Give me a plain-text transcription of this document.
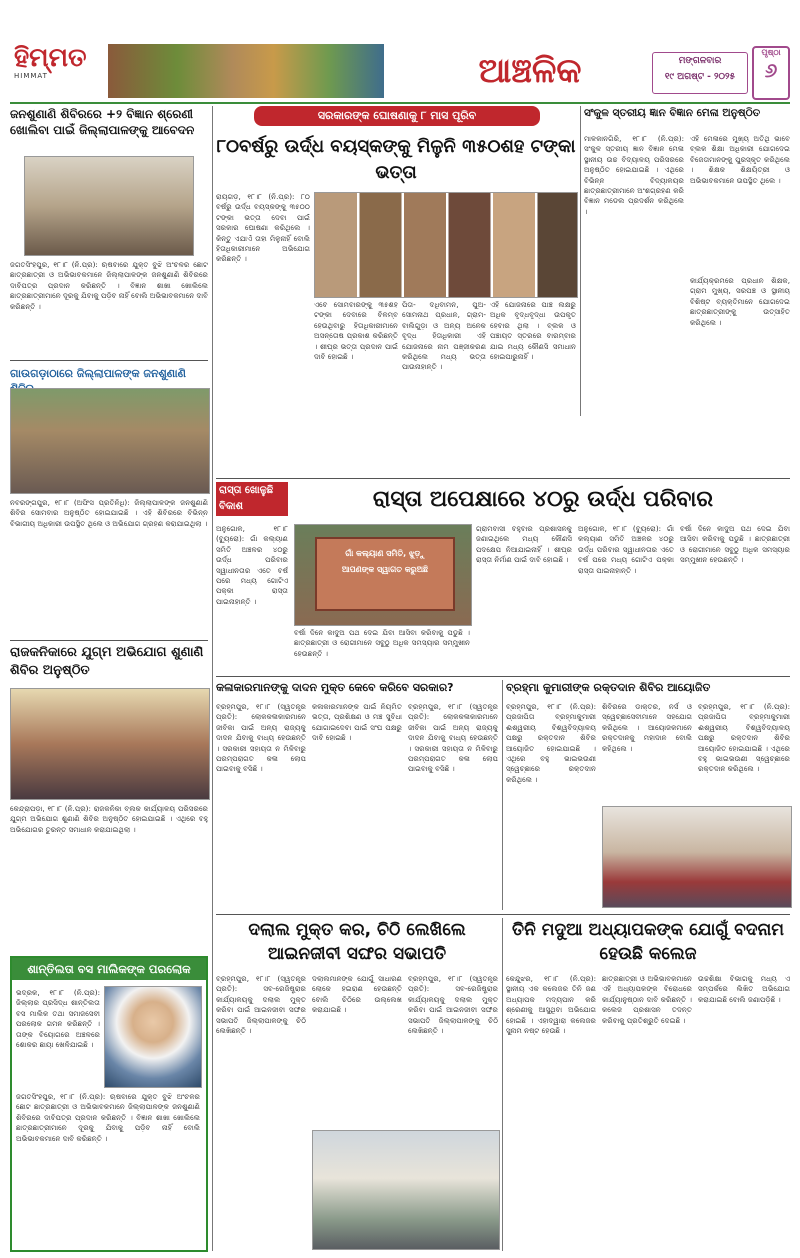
ହିମ୍ମତ
HIMMAT	ଆଞ୍ଚଳିକ	ମଙ୍ଗଳବାର
୧୯ ଅଗଷ୍ଟ - ୨୦୨୫
ପୃଷ୍ଠା
୬
ଜନଶୁଣାଣି ଶିବିରରେ +୨ ବିଜ୍ଞାନ ଶ୍ରେଣୀ ଖୋଲିବା ପାଇଁ ଜିଲ୍ଲାପାଳଙ୍କୁ ଆବେଦନ
ଜଗତସିଂହପୁର, ୧୮।୮ (ନି.ପ୍ର): ଋଷବାରେ ଯୁକ୍ତ ବୁଝି ଅଂଚଳର ଛୋଟ ଛାତ୍ରଛାତ୍ରୀ ଓ ଅଭିଭାବକମାନେ ଜିଲ୍ଲାପାଳଙ୍କ ଜନଶୁଣାଣି ଶିବିରରେ ଦାବିପତ୍ର ପ୍ରଦାନ କରିଛନ୍ତି । ବିଜ୍ଞାନ ଶାଖା ଖୋଲିଲେ ଛାତ୍ରଛାତ୍ରୀମାନେ ଦୂରକୁ ଯିବାକୁ ପଡ଼ିବ ନାହିଁ ବୋଲି ଅଭିଭାବକମାନେ ଦାବି କରିଛନ୍ତି ।
ଗାଉଗଡ଼ାଠାରେ ଜିଲ୍ଲାପାଳଙ୍କ ଜନଶୁଣାଣି
ନବରଙ୍ଗପୁର, ୧୮।୮ (ଅଫିସ ପ୍ରତିନିଧି): ଜିଲ୍ଲାପାଳଙ୍କ ଜନଶୁଣାଣି ଶିବିର ସୋମବାର ଅନୁଷ୍ଠିତ ହୋଇଯାଇଛି । ଏହି ଶିବିରରେ ବିଭିନ୍ନ ବିଭାଗୀୟ ଅଧିକାରୀ ଉପସ୍ଥିତ ଥିଲେ ଓ ଅଭିଯୋଗ ଗ୍ରହଣ କରାଯାଇଥିଲା ।
ରାଜକନିକାରେ ଯୁଗ୍ମ ଅଭିଯୋଗ ଶୁଣାଣି ଶିବିର ଅନୁଷ୍ଠିତ
କେନ୍ଦ୍ରାପଡ଼ା, ୧୮।୮ (ନି.ପ୍ର): ରାଜକନିକା ବ୍ଲକ କାର୍ଯ୍ୟାଳୟ ପରିସରରେ ଯୁଗ୍ମ ଅଭିଯୋଗ ଶୁଣାଣି ଶିବିର ଅନୁଷ୍ଠିତ ହୋଇଯାଇଛି । ଏଥିରେ ବହୁ ଅଭିଯୋଗର ତୁରନ୍ତ ସମାଧାନ କରାଯାଇଥିଲା ।
ଶାନ୍ତିଲତା ବସ ମାଲିକଙ୍କ ପରଲୋକ
ଭଦ୍ରକ, ୧୮।୮ (ନି.ପ୍ର): ଜିଲ୍ଲାର ପ୍ରସିଦ୍ଧ ଶାନ୍ତିଲତା ବସ ମାଲିକ ତଥା ସମାଜସେବୀ ପରଲୋକ ଗମନ କରିଛନ୍ତି । ତାଙ୍କ ବିୟୋଗରେ ଅଞ୍ଚଳରେ ଶୋକର ଛାୟା ଖେଳିଯାଇଛି ।
ଜଗତସିଂହପୁର, ୧୮।୮ (ନି.ପ୍ର): ଋଷବାରେ ଯୁକ୍ତ ବୁଝି ଅଂଚଳର ଛୋଟ ଛାତ୍ରଛାତ୍ରୀ ଓ ଅଭିଭାବକମାନେ ଜିଲ୍ଲାପାଳଙ୍କ ଜନଶୁଣାଣି ଶିବିରରେ ଦାବିପତ୍ର ପ୍ରଦାନ କରିଛନ୍ତି । ବିଜ୍ଞାନ ଶାଖା ଖୋଲିଲେ ଛାତ୍ରଛାତ୍ରୀମାନେ ଦୂରକୁ ଯିବାକୁ ପଡ଼ିବ ନାହିଁ ବୋଲି ଅଭିଭାବକମାନେ ଦାବି କରିଛନ୍ତି ।
ସରକାରଙ୍କ ଘୋଷଣାକୁ ୮ ମାସ ପୂରିବ
୮୦ବର୍ଷରୁ ଉର୍ଦ୍ଧ ବୟସ୍କଙ୍କୁ ମିଳୁନି ୩୫୦ଶହ ଟଙ୍କା ଭତ୍ତା
ରାୟଗଡ଼, ୧୮।୮ (ନି.ପ୍ର): ୮୦ ବର୍ଷରୁ ଉର୍ଦ୍ଧ ବୟସ୍କଙ୍କୁ ୩୫୦୦ ଟଙ୍କା ଭତ୍ତା ଦେବା ପାଇଁ ସରକାର ଘୋଷଣା କରିଥିଲେ । କିନ୍ତୁ ଏଯାଏଁ ତାହା ମିଳୁନାହିଁ ବୋଲି ହିତାଧିକାରୀମାନେ ଅଭିଯୋଗ କରିଛନ୍ତି ।
ଏବେ ସୋମବାରଙ୍କୁ ୩୫ଶହ ଟଙ୍କା ଦେବାରେ ବିଳମ୍ବ ହେଉଥିବାରୁ ହିତାଧିକାରୀମାନେ ଅସନ୍ତୋଷ ପ୍ରକାଶ କରିଛନ୍ତି । ଶୀଘ୍ର ଭତ୍ତା ପ୍ରଦାନ ପାଇଁ ଦାବି ହୋଇଛି ।
ପିତା- ଦଧିବାମନ, ପୁଅ- ସୋମନାଥ ପ୍ରଧାନ, ଗ୍ରାମ- ବାଲିଗୁଡ଼ା ଓ ଅନ୍ୟ ଅନେକ ବୃଦ୍ଧ ହିତାଧିକାରୀ ଏହି ଯୋଜନାରେ ନାମ ପଞ୍ଜୀକରଣ କରିଥିଲେ ମଧ୍ୟ ଭତ୍ତା ପାଉନାହାନ୍ତି ।
ଏହି ଯୋଜନାରେ ପାଞ୍ଚ ଲକ୍ଷରୁ ଅଧିକ ବୃଦ୍ଧବୃଦ୍ଧା ଉପକୃତ ହେବାର ଥିଲା । ବ୍ଲକ ଓ ପଞ୍ଚାୟତ ସ୍ତରରେ ବାରମ୍ବାର ଯାଇ ମଧ୍ୟ କୌଣସି ସମାଧାନ ହୋଇପାରୁନାହିଁ ।
ସଂକୁଳ ସ୍ତରୀୟ ଜ୍ଞାନ ବିଜ୍ଞାନ ମେଳା ଅନୁଷ୍ଠିତ
ମାଳକାନଗିରି, ୧୮।୮ (ନି.ପ୍ର): ସଂକୁଳ ସ୍ତରୀୟ ଜ୍ଞାନ ବିଜ୍ଞାନ ମେଳା ସ୍ଥାନୀୟ ଉଚ୍ଚ ବିଦ୍ୟାଳୟ ପରିସରରେ ଅନୁଷ୍ଠିତ ହୋଇଯାଇଛି । ଏଥିରେ ବିଭିନ୍ନ ବିଦ୍ୟାଳୟର ଛାତ୍ରଛାତ୍ରୀମାନେ ଅଂଶଗ୍ରହଣ କରି ବିଜ୍ଞାନ ମଡେଲ ପ୍ରଦର୍ଶନ କରିଥିଲେ ।
ଏହି ମେଳାରେ ମୁଖ୍ୟ ଅତିଥି ଭାବେ ବ୍ଲକ ଶିକ୍ଷା ଅଧିକାରୀ ଯୋଗଦେଇ ବିଜେତାମାନଙ୍କୁ ପୁରସ୍କୃତ କରିଥିଲେ । ଶିକ୍ଷକ ଶିକ୍ଷୟିତ୍ରୀ ଓ ଅଭିଭାବକମାନେ ଉପସ୍ଥିତ ଥିଲେ ।
କାର୍ଯ୍ୟକ୍ରମରେ ପ୍ରଧାନ ଶିକ୍ଷକ, ଗ୍ରାମ ମୁଖ୍ୟ, ସରପଞ୍ଚ ଓ ସ୍ଥାନୀୟ ବିଶିଷ୍ଟ ବ୍ୟକ୍ତିମାନେ ଯୋଗଦେଇ ଛାତ୍ରଛାତ୍ରୀଙ୍କୁ ଉତ୍ସାହିତ କରିଥିଲେ ।
ରାସ୍ତା ଖୋଳୁଛି ବିକାଶ	ରାସ୍ତା ଅପେକ୍ଷାରେ ୪୦ରୁ ଉର୍ଦ୍ଧ ପରିବାର
ଅନୁଗୋଳ, ୧୮।୮ (ବ୍ୟୁରୋ): ଗାଁ କଲ୍ୟାଣ ସମିତି ଅଞ୍ଚଳର ୪୦ରୁ ଉର୍ଦ୍ଧ ପରିବାର ସ୍ୱାଧୀନତାର ଏତେ ବର୍ଷ ପରେ ମଧ୍ୟ ଗୋଟିଏ ପକ୍କା ରାସ୍ତା ପାଇନାହାନ୍ତି ।
ଗାଁ କଲ୍ୟାଣ ସମିତି, ଝୁଡ଼ୁ
ଆପଣଙ୍କ ସ୍ୱାଗତ କରୁଅଛି
ବର୍ଷା ଦିନେ କାଦୁଅ ପଥ ଦେଇ ଯିବା ଆସିବା କରିବାକୁ ପଡୁଛି । ଛାତ୍ରଛାତ୍ରୀ ଓ ରୋଗୀମାନେ ସବୁଠୁ ଅଧିକ ସମସ୍ୟାର ସମ୍ମୁଖୀନ ହେଉଛନ୍ତି ।
ଗ୍ରାମବାସୀ ବହୁବାର ପ୍ରଶାସନକୁ ଜଣାଇଥିଲେ ମଧ୍ୟ କୌଣସି ପଦକ୍ଷେପ ନିଆଯାଇନାହିଁ । ଶୀଘ୍ର ରାସ୍ତା ନିର୍ମାଣ ପାଇଁ ଦାବି ହୋଇଛି ।
ଅନୁଗୋଳ, ୧୮।୮ (ବ୍ୟୁରୋ): ଗାଁ କଲ୍ୟାଣ ସମିତି ଅଞ୍ଚଳର ୪୦ରୁ ଉର୍ଦ୍ଧ ପରିବାର ସ୍ୱାଧୀନତାର ଏତେ ବର୍ଷ ପରେ ମଧ୍ୟ ଗୋଟିଏ ପକ୍କା ରାସ୍ତା ପାଇନାହାନ୍ତି ।
ବର୍ଷା ଦିନେ କାଦୁଅ ପଥ ଦେଇ ଯିବା ଆସିବା କରିବାକୁ ପଡୁଛି । ଛାତ୍ରଛାତ୍ରୀ ଓ ରୋଗୀମାନେ ସବୁଠୁ ଅଧିକ ସମସ୍ୟାର ସମ୍ମୁଖୀନ ହେଉଛନ୍ତି ।
କଳାକାରମାନଙ୍କୁ ଦାଦନ ମୁକ୍ତ କେବେ କରିବେ ସରକାର?
ବ୍ରହ୍ମପୁର, ୧୮।୮ (ସ୍ୱତନ୍ତ୍ର ପ୍ରତି): ଲୋକକଳାକାରମାନେ ଜୀବିକା ପାଇଁ ଅନ୍ୟ ରାଜ୍ୟକୁ ଦାଦନ ଯିବାକୁ ବାଧ୍ୟ ହେଉଛନ୍ତି । ସରକାରୀ ସହାୟତା ନ ମିଳିବାରୁ ପରମ୍ପରାଗତ କଳା ଲୋପ ପାଇବାକୁ ବସିଛି ।
କଳାକାରମାନଙ୍କ ପାଇଁ ନିୟମିତ ଭତ୍ତା, ପ୍ରଶିକ୍ଷଣ ଓ ମଞ୍ଚ ସୁବିଧା ଯୋଗାଇଦେବା ପାଇଁ ସଂଘ ପକ୍ଷରୁ ଦାବି ହୋଇଛି ।
ବ୍ରହ୍ମପୁର, ୧୮।୮ (ସ୍ୱତନ୍ତ୍ର ପ୍ରତି): ଲୋକକଳାକାରମାନେ ଜୀବିକା ପାଇଁ ଅନ୍ୟ ରାଜ୍ୟକୁ ଦାଦନ ଯିବାକୁ ବାଧ୍ୟ ହେଉଛନ୍ତି । ସରକାରୀ ସହାୟତା ନ ମିଳିବାରୁ ପରମ୍ପରାଗତ କଳା ଲୋପ ପାଇବାକୁ ବସିଛି ।
ବ୍ରହ୍ମା କୁମାରୀଙ୍କ ରକ୍ତଦାନ ଶିବିର ଆୟୋଜିତ
ବ୍ରହ୍ମପୁର, ୧୮।୮ (ନି.ପ୍ର): ପ୍ରଜାପିତା ବ୍ରହ୍ମାକୁମାରୀ ଈଶ୍ୱରୀୟ ବିଶ୍ୱବିଦ୍ୟାଳୟ ପକ୍ଷରୁ ରକ୍ତଦାନ ଶିବିର ଆୟୋଜିତ ହୋଇଯାଇଛି । ଏଥିରେ ବହୁ ଭାଇଭଉଣୀ ସ୍ୱେଚ୍ଛାରେ ରକ୍ତଦାନ କରିଥିଲେ ।
ଶିବିରରେ ଡାକ୍ତର, ନର୍ସ ଓ ସ୍ୱେଚ୍ଛାସେବୀମାନେ ସହଯୋଗ କରିଥିଲେ । ଆୟୋଜକମାନେ ରକ୍ତଦାନକୁ ମହାଦାନ ବୋଲି କହିଥିଲେ ।
ବ୍ରହ୍ମପୁର, ୧୮।୮ (ନି.ପ୍ର): ପ୍ରଜାପିତା ବ୍ରହ୍ମାକୁମାରୀ ଈଶ୍ୱରୀୟ ବିଶ୍ୱବିଦ୍ୟାଳୟ ପକ୍ଷରୁ ରକ୍ତଦାନ ଶିବିର ଆୟୋଜିତ ହୋଇଯାଇଛି । ଏଥିରେ ବହୁ ଭାଇଭଉଣୀ ସ୍ୱେଚ୍ଛାରେ ରକ୍ତଦାନ କରିଥିଲେ ।
ଦଲାଲ ମୁକ୍ତ କର, ଚିଠି ଲେଖିଲେ ଆଇନଜୀବୀ ସଙ୍ଘର ସଭାପତି
ବ୍ରହ୍ମପୁର, ୧୮।୮ (ସ୍ୱତନ୍ତ୍ର ପ୍ରତି): ସବ-ରେଜିଷ୍ଟ୍ରାର କାର୍ଯ୍ୟାଳୟକୁ ଦଲାଲ ମୁକ୍ତ କରିବା ପାଇଁ ଆଇନଜୀବୀ ସଙ୍ଘର ସଭାପତି ଜିଲ୍ଲାପାଳଙ୍କୁ ଚିଠି ଲେଖିଛନ୍ତି ।
ଦଲାଲମାନଙ୍କ ଯୋଗୁଁ ସାଧାରଣ ଲୋକେ ହଇରାଣ ହେଉଛନ୍ତି ବୋଲି ଚିଠିରେ ଉଲ୍ଲେଖ କରାଯାଇଛି ।
ବ୍ରହ୍ମପୁର, ୧୮।୮ (ସ୍ୱତନ୍ତ୍ର ପ୍ରତି): ସବ-ରେଜିଷ୍ଟ୍ରାର କାର୍ଯ୍ୟାଳୟକୁ ଦଲାଲ ମୁକ୍ତ କରିବା ପାଇଁ ଆଇନଜୀବୀ ସଙ୍ଘର ସଭାପତି ଜିଲ୍ଲାପାଳଙ୍କୁ ଚିଠି ଲେଖିଛନ୍ତି ।
ତିନି ମଦୁଆ ଅଧ୍ୟାପକଙ୍କ ଯୋଗୁଁ ବଦନାମ ହେଉଛି କଲେଜ
କେନ୍ଦୁଝର, ୧୮।୮ (ନି.ପ୍ର): ସ୍ଥାନୀୟ ଏକ କଲେଜର ତିନି ଜଣ ଅଧ୍ୟାପକ ମଦ୍ୟପାନ କରି ଶ୍ରେଣୀକୁ ଆସୁଥିବା ଅଭିଯୋଗ ହୋଇଛି । ଏହାଦ୍ୱାରା କଲେଜର ସୁନାମ ନଷ୍ଟ ହେଉଛି ।
ଛାତ୍ରଛାତ୍ରୀ ଓ ଅଭିଭାବକମାନେ ଏହି ଅଧ୍ୟାପକଙ୍କ ବିରୋଧରେ କାର୍ଯ୍ୟାନୁଷ୍ଠାନ ଦାବି କରିଛନ୍ତି । କଲେଜ ପ୍ରଶାସନ ତଦନ୍ତ କରିବାକୁ ପ୍ରତିଶ୍ରୁତି ଦେଇଛି ।
ଉଚ୍ଚଶିକ୍ଷା ବିଭାଗକୁ ମଧ୍ୟ ଏ ସମ୍ପର୍କରେ ଲିଖିତ ଅଭିଯୋଗ କରାଯାଇଛି ବୋଲି ଜଣାପଡ଼ିଛି ।
